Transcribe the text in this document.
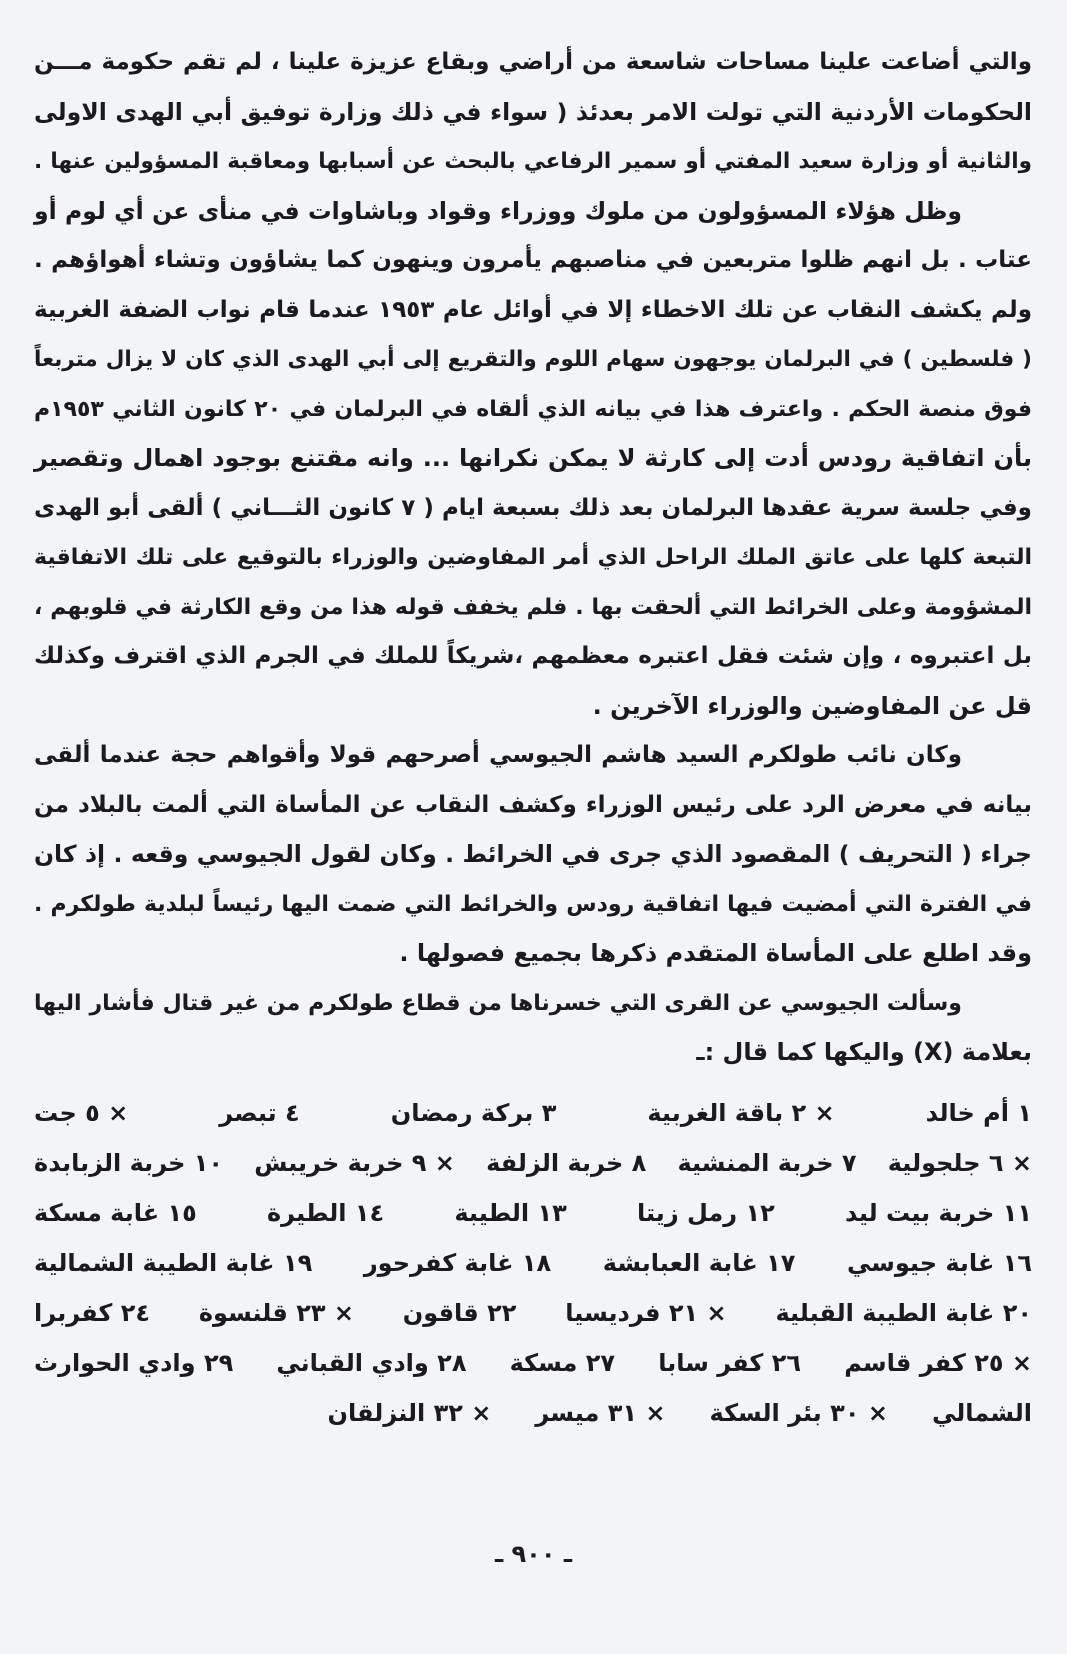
والتي أضاعت علينا مساحات شاسعة من أراضي وبقاع عزيزة علينا ، لم تقم حكومة مـــن
الحكومات الأردنية التي تولت الامر بعدئذ ( سواء في ذلك وزارة توفيق أبي الهدى الاولى
والثانية أو وزارة سعيد المفتي أو سمير الرفاعي بالبحث عن أسبابها ومعاقبة المسؤولين عنها .
وظل هؤلاء المسؤولون من ملوك ووزراء وقواد وباشاوات في منأى عن أي لوم أو
عتاب . بل انهم ظلوا متربعين في مناصبهم يأمرون وينهون كما يشاؤون وتشاء أهواؤهم .
ولم يكشف النقاب عن تلك الاخطاء إلا في أوائل عام ١٩٥٣ عندما قام نواب الضفة الغربية
( فلسطين ) في البرلمان يوجهون سهام اللوم والتقريع إلى أبي الهدى الذي كان لا يزال متربعاً
فوق منصة الحكم . واعترف هذا في بيانه الذي ألقاه في البرلمان في ٢٠ كانون الثاني ١٩٥٣م
بأن اتفاقية رودس أدت إلى كارثة لا يمكن نكرانها ... وانه مقتنع بوجود اهمال وتقصير
وفي جلسة سرية عقدها البرلمان بعد ذلك بسبعة ايام ( ٧ كانون الثـــاني ) ألقى أبو الهدى
التبعة كلها على عاتق الملك الراحل الذي أمر المفاوضين والوزراء بالتوقيع على تلك الاتفاقية
المشؤومة وعلى الخرائط التي ألحقت بها . فلم يخفف قوله هذا من وقع الكارثة في قلوبهم ،
بل اعتبروه ، وإن شئت فقل اعتبره معظمهم ،شريكاً للملك في الجرم الذي اقترف وكذلك
قل عن المفاوضين والوزراء الآخرين .
وكان نائب طولكرم السيد هاشم الجيوسي أصرحهم قولا وأقواهم حجة عندما ألقى
بيانه في معرض الرد على رئيس الوزراء وكشف النقاب عن المأساة التي ألمت بالبلاد من
جراء ( التحريف ) المقصود الذي جرى في الخرائط . وكان لقول الجيوسي وقعه . إذ كان
في الفترة التي أمضيت فيها اتفاقية رودس والخرائط التي ضمت اليها رئيساً لبلدية طولكرم .
وقد اطلع على المأساة المتقدم ذكرها بجميع فصولها .
وسألت الجيوسي عن القرى التي خسرناها من قطاع طولكرم من غير قتال فأشار اليها
بعلامة (X) واليكها كما قال :ـ
١ أم خالد
× ٢ باقة الغربية
٣ بركة رمضان
٤ تبصر
× ٥ جت
× ٦ جلجولية
٧ خربة المنشية
٨ خربة الزلفة
× ٩ خربة خريبش
١٠ خربة الزبابدة
١١ خربة بيت ليد
١٢ رمل زيتا
١٣ الطيبة
١٤ الطيرة
١٥ غابة مسكة
١٦ غابة جيوسي
١٧ غابة العبابشة
١٨ غابة كفرحور
١٩ غابة الطيبة الشمالية
٢٠ غابة الطيبة القبلية
× ٢١ فرديسيا
٢٢ قاقون
× ٢٣ قلنسوة
٢٤ كفربرا
× ٢٥ كفر قاسم
٢٦ كفر سابا
٢٧ مسكة
٢٨ وادي القباني
٢٩ وادي الحوارث
الشمالي
× ٣٠ بئر السكة
× ٣١ ميسر
× ٣٢ النزلقان
ـ ٩٠٠ ـ
